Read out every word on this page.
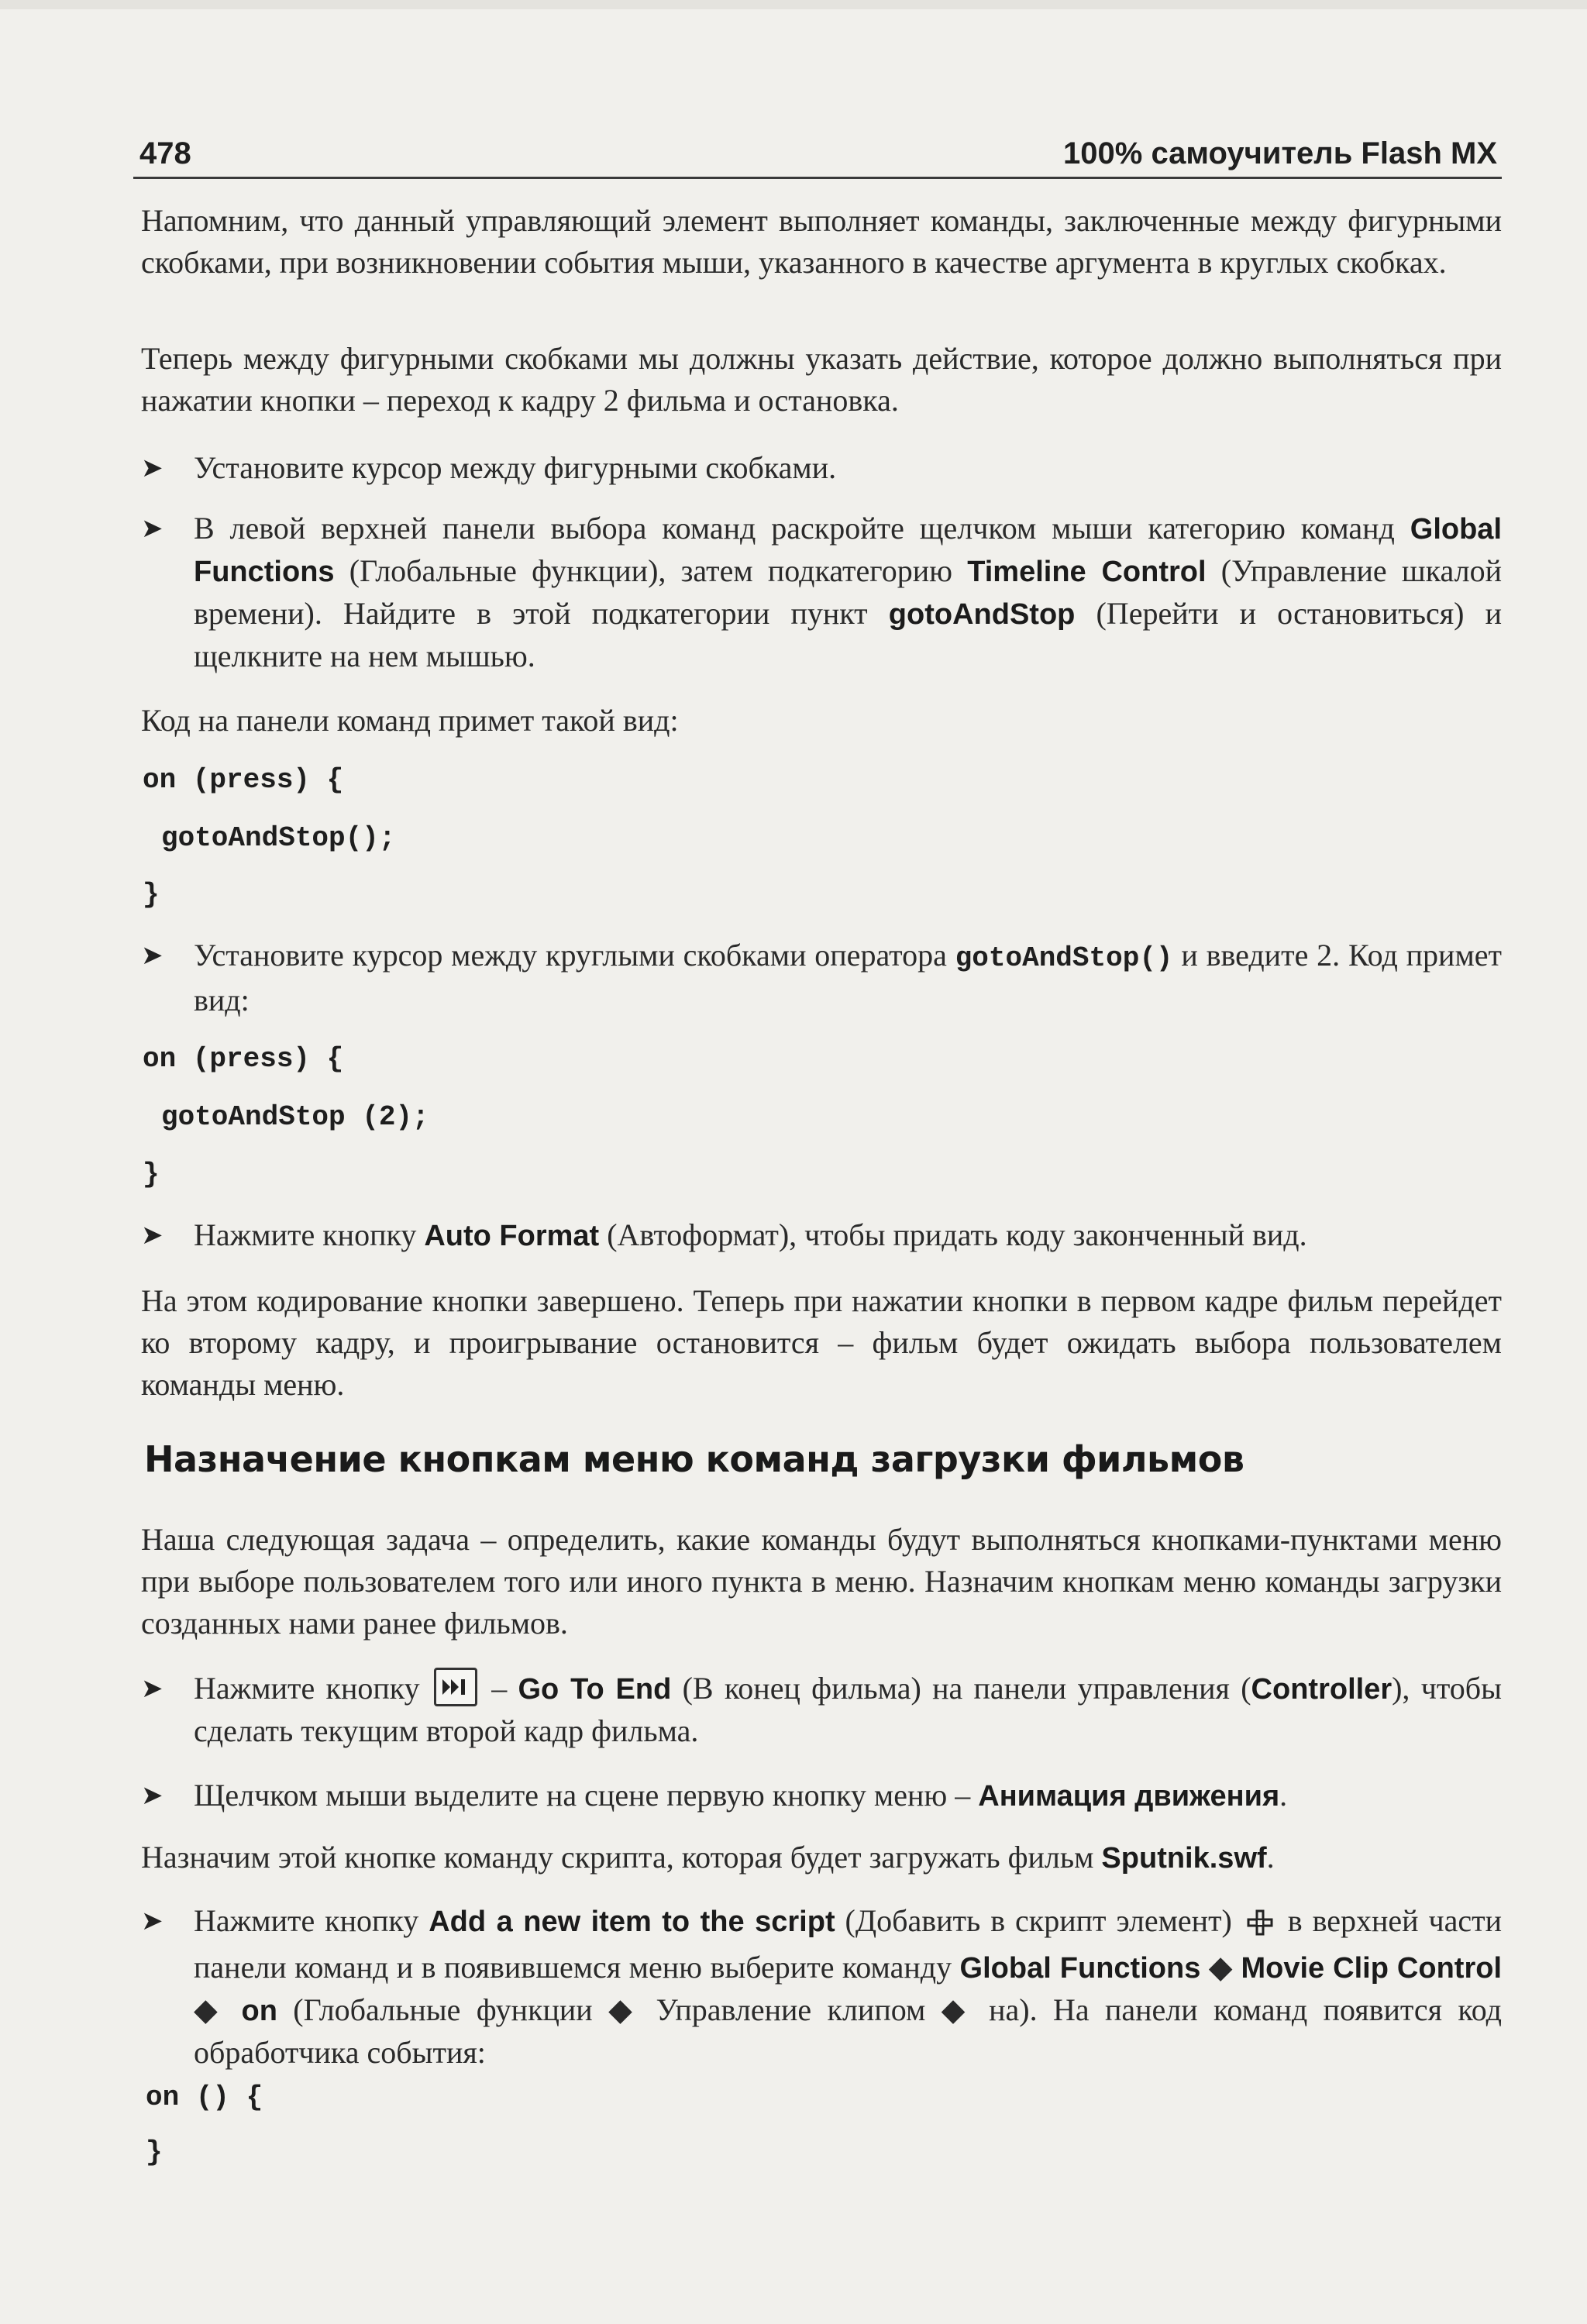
478	100% самоучитель Flash MX

Напомним, что данный управляющий элемент выполняет команды, заключенные между фигурными скобками, при возникновении события мыши, указанного в качестве аргумента в круглых скобках.

Теперь между фигурными скобками мы должны указать действие, которое должно выполняться при нажатии кнопки – переход к кадру 2 фильма и остановка.

➤ Установите курсор между фигурными скобками.
➤ В левой верхней панели выбора команд раскройте щелчком мыши категорию команд Global Functions (Глобальные функции), затем подкатегорию Timeline Control (Управление шкалой времени). Найдите в этой подкатегории пункт gotoAndStop (Перейти и остановиться) и щелкните на нем мышью.

Код на панели команд примет такой вид:

on (press) {
gotoAndStop();
}
➤ Установите курсор между круглыми скобками оператора gotoAndStop() и введите 2. Код примет вид:
on (press) {
gotoAndStop (2);
}
➤ Нажмите кнопку Auto Format (Автоформат), чтобы придать коду законченный вид.

На этом кодирование кнопки завершено. Теперь при нажатии кнопки в первом кадре фильм перейдет ко второму кадру, и проигрывание остановится – фильм будет ожидать выбора пользователем команды меню.

Назначение кнопкам меню команд загрузки фильмов

Наша следующая задача – определить, какие команды будут выполняться кнопками-пунктами меню при выборе пользователем того или иного пункта в меню. Назначим кнопкам меню команды загрузки созданных нами ранее фильмов.

➤ Нажмите кнопку
– Go To End (В конец фильма) на панели управления (Controller), чтобы сделать текущим второй кадр фильма.
➤ Щелчком мыши выделите на сцене первую кнопку меню – Анимация движения.

Назначим этой кнопке команду скрипта, которая будет загружать фильм Sputnik.swf.

➤ Нажмите кнопку Add a new item to the script (Добавить в скрипт элемент)  в верхней части панели команд и в появившемся меню выберите команду Global Functions ◆ Movie Clip Control ◆ on (Глобальные функции ◆ Управление клипом ◆ на). На панели команд появится код обработчика события:
on () {
}
